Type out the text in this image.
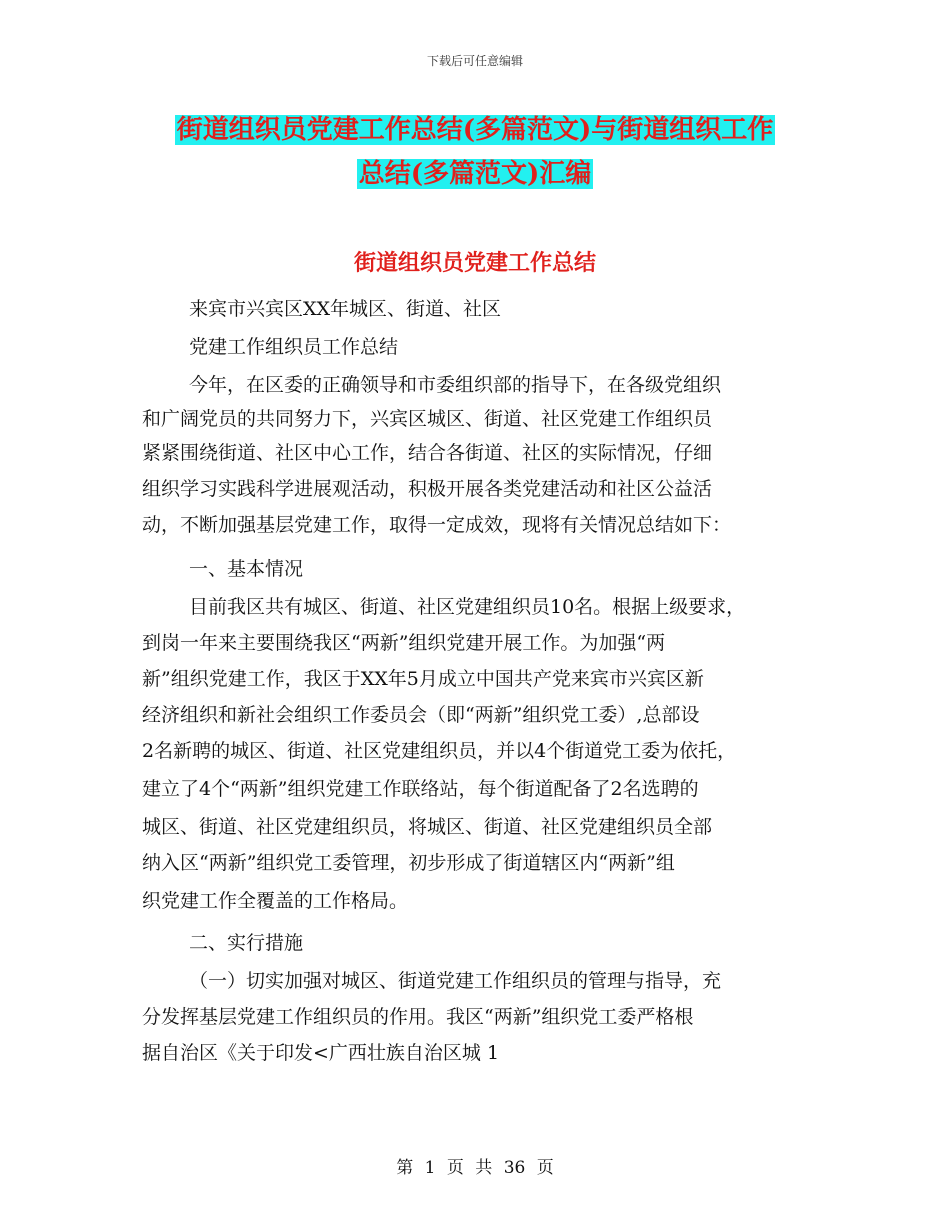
下载后可任意编辑
街道组织员党建工作总结(多篇范文)与街道组织工作
总结(多篇范文)汇编
街道组织员党建工作总结
来宾市兴宾区XX年城区、街道、社区
党建工作组织员工作总结
今年，在区委的正确领导和市委组织部的指导下，在各级党组织
和广阔党员的共同努力下，兴宾区城区、街道、社区党建工作组织员
紧紧围绕街道、社区中心工作，结合各街道、社区的实际情况，仔细
组织学习实践科学进展观活动，积极开展各类党建活动和社区公益活
动，不断加强基层党建工作，取得一定成效，现将有关情况总结如下：
一、基本情况
目前我区共有城区、街道、社区党建组织员10名。根据上级要求，
到岗一年来主要围绕我区“两新”组织党建开展工作。为加强“两
新”组织党建工作，我区于XX年5月成立中国共产党来宾市兴宾区新
经济组织和新社会组织工作委员会（即“两新”组织党工委）,总部设
2名新聘的城区、街道、社区党建组织员，并以4个街道党工委为依托，
建立了4个“两新”组织党建工作联络站，每个街道配备了2名选聘的
城区、街道、社区党建组织员，将城区、街道、社区党建组织员全部
纳入区“两新”组织党工委管理，初步形成了街道辖区内“两新”组
织党建工作全覆盖的工作格局。
二、实行措施
（一）切实加强对城区、街道党建工作组织员的管理与指导，充
分发挥基层党建工作组织员的作用。我区“两新”组织党工委严格根
据自治区《关于印发<广西壮族自治区城 1
第 1 页 共 36 页
